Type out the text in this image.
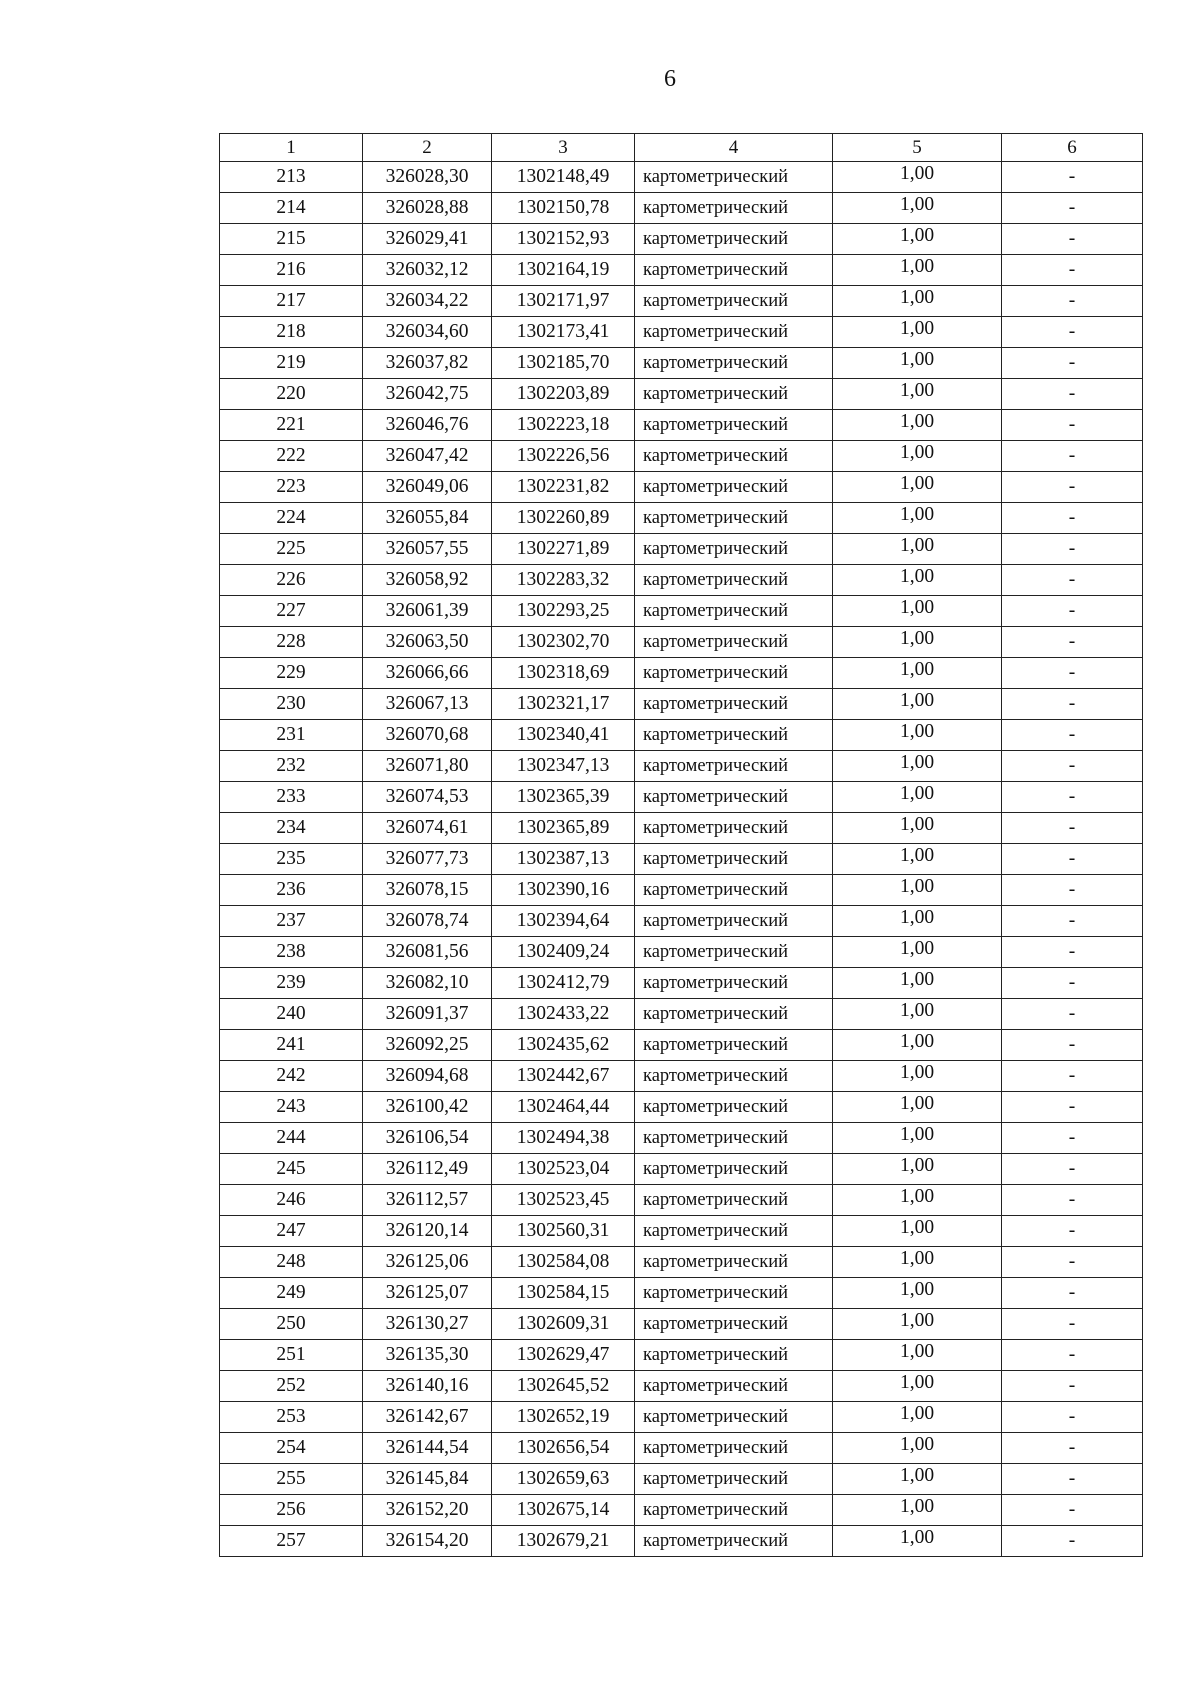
6
1	2	3	4	5	6
213	326028,30	1302148,49	картометрический	1,00	-
214	326028,88	1302150,78	картометрический	1,00	-
215	326029,41	1302152,93	картометрический	1,00	-
216	326032,12	1302164,19	картометрический	1,00	-
217	326034,22	1302171,97	картометрический	1,00	-
218	326034,60	1302173,41	картометрический	1,00	-
219	326037,82	1302185,70	картометрический	1,00	-
220	326042,75	1302203,89	картометрический	1,00	-
221	326046,76	1302223,18	картометрический	1,00	-
222	326047,42	1302226,56	картометрический	1,00	-
223	326049,06	1302231,82	картометрический	1,00	-
224	326055,84	1302260,89	картометрический	1,00	-
225	326057,55	1302271,89	картометрический	1,00	-
226	326058,92	1302283,32	картометрический	1,00	-
227	326061,39	1302293,25	картометрический	1,00	-
228	326063,50	1302302,70	картометрический	1,00	-
229	326066,66	1302318,69	картометрический	1,00	-
230	326067,13	1302321,17	картометрический	1,00	-
231	326070,68	1302340,41	картометрический	1,00	-
232	326071,80	1302347,13	картометрический	1,00	-
233	326074,53	1302365,39	картометрический	1,00	-
234	326074,61	1302365,89	картометрический	1,00	-
235	326077,73	1302387,13	картометрический	1,00	-
236	326078,15	1302390,16	картометрический	1,00	-
237	326078,74	1302394,64	картометрический	1,00	-
238	326081,56	1302409,24	картометрический	1,00	-
239	326082,10	1302412,79	картометрический	1,00	-
240	326091,37	1302433,22	картометрический	1,00	-
241	326092,25	1302435,62	картометрический	1,00	-
242	326094,68	1302442,67	картометрический	1,00	-
243	326100,42	1302464,44	картометрический	1,00	-
244	326106,54	1302494,38	картометрический	1,00	-
245	326112,49	1302523,04	картометрический	1,00	-
246	326112,57	1302523,45	картометрический	1,00	-
247	326120,14	1302560,31	картометрический	1,00	-
248	326125,06	1302584,08	картометрический	1,00	-
249	326125,07	1302584,15	картометрический	1,00	-
250	326130,27	1302609,31	картометрический	1,00	-
251	326135,30	1302629,47	картометрический	1,00	-
252	326140,16	1302645,52	картометрический	1,00	-
253	326142,67	1302652,19	картометрический	1,00	-
254	326144,54	1302656,54	картометрический	1,00	-
255	326145,84	1302659,63	картометрический	1,00	-
256	326152,20	1302675,14	картометрический	1,00	-
257	326154,20	1302679,21	картометрический	1,00	-
